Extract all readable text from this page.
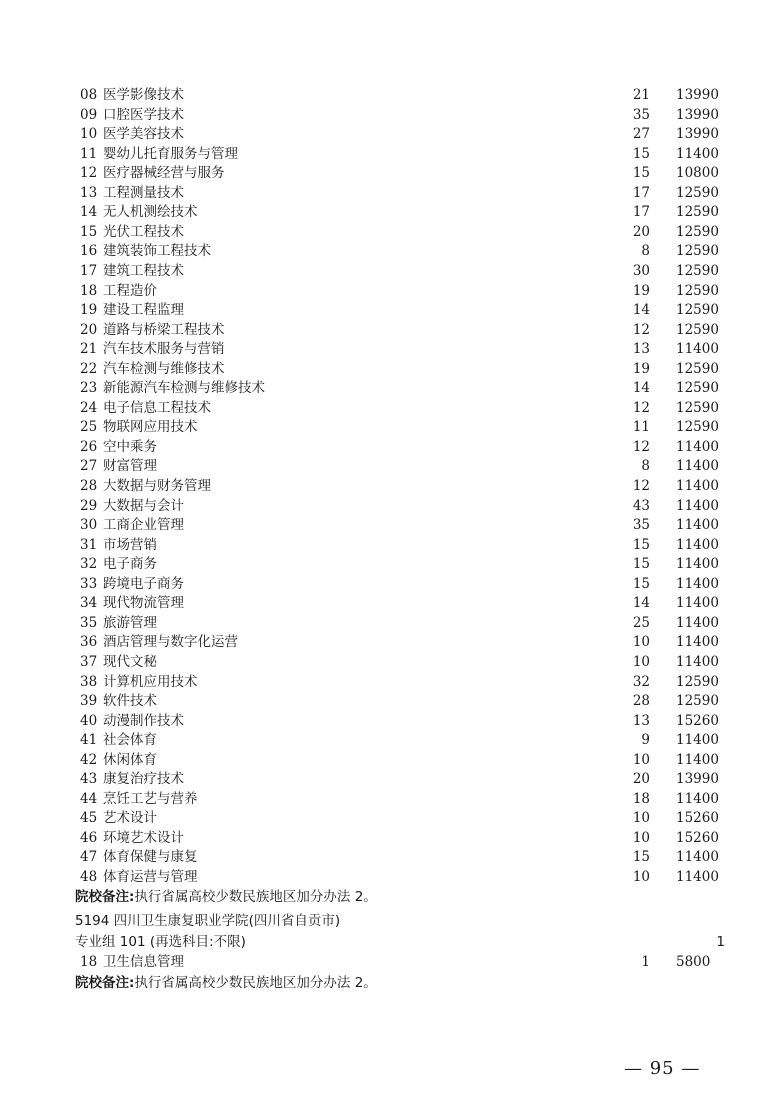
08 医学影像技术	21 13990
09 口腔医学技术	35 13990
10 医学美容技术	27 13990
11 婴幼儿托育服务与管理	15 11400
12 医疗器械经营与服务	15 10800
13 工程测量技术	17 12590
14 无人机测绘技术	17 12590
15 光伏工程技术	20 12590
16 建筑装饰工程技术	8 12590
17 建筑工程技术	30 12590
18 工程造价	19 12590
19 建设工程监理	14 12590
20 道路与桥梁工程技术	12 12590
21 汽车技术服务与营销	13 11400
22 汽车检测与维修技术	19 12590
23 新能源汽车检测与维修技术	14 12590
24 电子信息工程技术	12 12590
25 物联网应用技术	11 12590
26 空中乘务	12 11400
27 财富管理	8 11400
28 大数据与财务管理	12 11400
29 大数据与会计	43 11400
30 工商企业管理	35 11400
31 市场营销	15 11400
32 电子商务	15 11400
33 跨境电子商务	15 11400
34 现代物流管理	14 11400
35 旅游管理	25 11400
36 酒店管理与数字化运营	10 11400
37 现代文秘	10 11400
38 计算机应用技术	32 12590
39 软件技术	28 12590
40 动漫制作技术	13 15260
41 社会体育	9 11400
42 休闲体育	10 11400
43 康复治疗技术	20 13990
44 烹饪工艺与营养	18 11400
45 艺术设计	10 15260
46 环境艺术设计	10 15260
47 体育保健与康复	15 11400
48 体育运营与管理	10 11400
院校备注:执行省属高校少数民族地区加分办法 2。
5194 四川卫生康复职业学院(四川省自贡市)
专业组 101 (再选科目:不限)	1
18 卫生信息管理	1 5800
院校备注:执行省属高校少数民族地区加分办法 2。
— 95 —
